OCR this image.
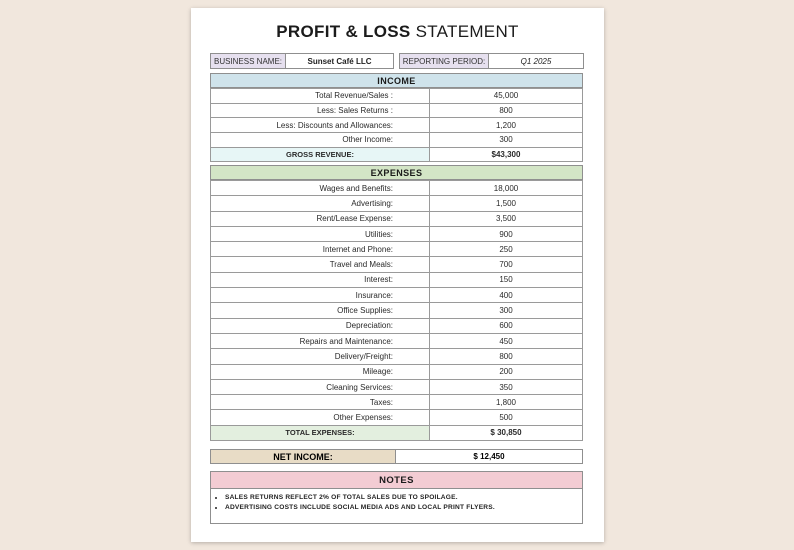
PROFIT & LOSS STATEMENT
BUSINESS NAME:	Sunset Café LLC	REPORTING PERIOD:	Q1 2025
INCOME
Total Revenue/Sales :	45,000
Less: Sales Returns :	800
Less: Discounts and Allowances:	1,200
Other Income:	300
GROSS REVENUE:	$43,300
EXPENSES
Wages and Benefits:	18,000
Advertising:	1,500
Rent/Lease Expense:	3,500
Utilities:	900
Internet and Phone:	250
Travel and Meals:	700
Interest:	150
Insurance:	400
Office Supplies:	300
Depreciation:	600
Repairs and Maintenance:	450
Delivery/Freight:	800
Mileage:	200
Cleaning Services:	350
Taxes:	1,800
Other Expenses:	500
TOTAL EXPENSES:	$ 30,850
NET INCOME:	$ 12,450
NOTES
• SALES RETURNS REFLECT 2% OF TOTAL SALES DUE TO SPOILAGE.
• ADVERTISING COSTS INCLUDE SOCIAL MEDIA ADS AND LOCAL PRINT FLYERS.
